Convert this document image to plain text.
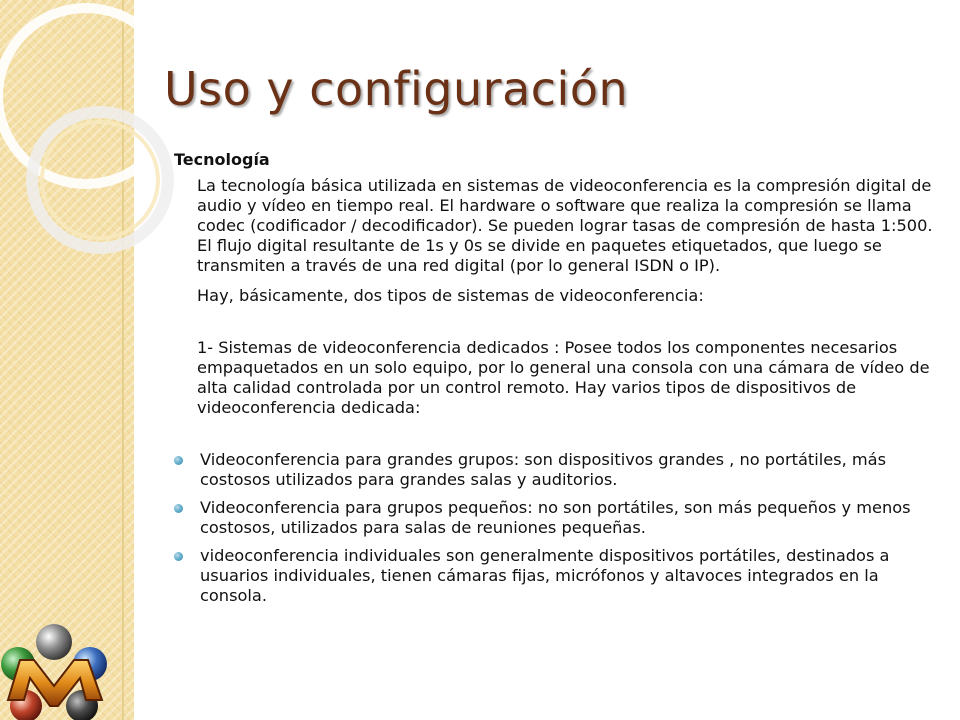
Uso y configuración
Tecnología

La tecnología básica utilizada en sistemas de videoconferencia es la compresión digital de audio y vídeo en tiempo real. El hardware o software que realiza la compresión se llama codec (codificador / decodificador). Se pueden lograr tasas de compresión de hasta 1:500. El flujo digital resultante de 1s y 0s se divide en paquetes etiquetados, que luego se transmiten a través de una red digital (por lo general ISDN o IP).

Hay, básicamente, dos tipos de sistemas de videoconferencia:

1- Sistemas de videoconferencia dedicados : Posee todos los componentes necesarios empaquetados en un solo equipo, por lo general una consola con una cámara de vídeo de alta calidad controlada por un control remoto. Hay varios tipos de dispositivos de videoconferencia dedicada:

Videoconferencia para grandes grupos: son dispositivos grandes , no portátiles, más costosos utilizados para grandes salas y auditorios.
Videoconferencia para grupos pequeños: no son portátiles, son más pequeños y menos costosos, utilizados para salas de reuniones pequeñas.
videoconferencia individuales son generalmente dispositivos portátiles, destinados a usuarios individuales, tienen cámaras fijas, micrófonos y altavoces integrados en la consola.
